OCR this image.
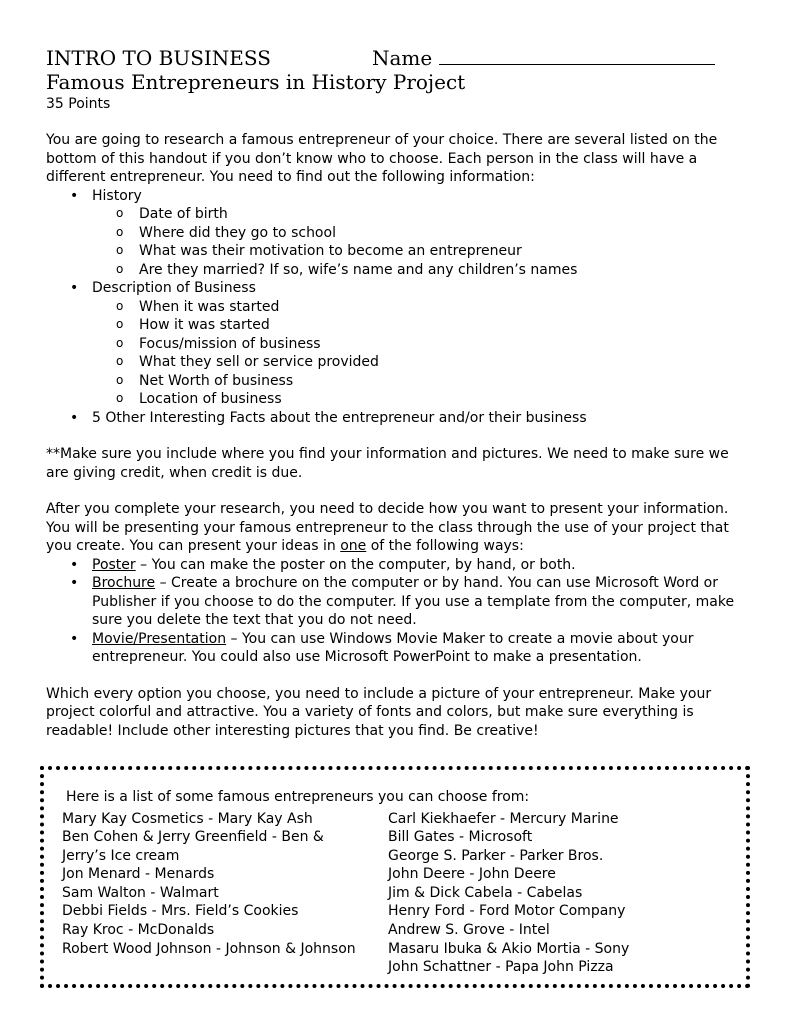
INTRO TO BUSINESS	Name
Famous Entrepreneurs in History Project
35 Points

You are going to research a famous entrepreneur of your choice. There are several listed on the bottom of this handout if you don’t know who to choose. Each person in the class will have a different entrepreneur. You need to find out the following information:

• History
o Date of birth
o Where did they go to school
o What was their motivation to become an entrepreneur
o Are they married? If so, wife’s name and any children’s names
• Description of Business
o When it was started
o How it was started
o Focus/mission of business
o What they sell or service provided
o Net Worth of business
o Location of business
• 5 Other Interesting Facts about the entrepreneur and/or their business

**Make sure you include where you find your information and pictures. We need to make sure we are giving credit, when credit is due.

After you complete your research, you need to decide how you want to present your information. You will be presenting your famous entrepreneur to the class through the use of your project that you create. You can present your ideas in one of the following ways:

• Poster – You can make the poster on the computer, by hand, or both.
• Brochure – Create a brochure on the computer or by hand. You can use Microsoft Word or Publisher if you choose to do the computer. If you use a template from the computer, make sure you delete the text that you do not need.
• Movie/Presentation – You can use Windows Movie Maker to create a movie about your entrepreneur. You could also use Microsoft PowerPoint to make a presentation.

Which every option you choose, you need to include a picture of your entrepreneur. Make your project colorful and attractive. You a variety of fonts and colors, but make sure everything is readable! Include other interesting pictures that you find. Be creative!

Here is a list of some famous entrepreneurs you can choose from:
Mary Kay Cosmetics - Mary Kay Ash
Ben Cohen & Jerry Greenfield - Ben &
Jerry’s Ice cream
Jon Menard - Menards
Sam Walton - Walmart
Debbi Fields - Mrs. Field’s Cookies
Ray Kroc - McDonalds
Robert Wood Johnson - Johnson & Johnson
Carl Kiekhaefer - Mercury Marine
Bill Gates - Microsoft
George S. Parker - Parker Bros.
John Deere - John Deere
Jim & Dick Cabela - Cabelas
Henry Ford - Ford Motor Company
Andrew S. Grove - Intel
Masaru Ibuka & Akio Mortia - Sony
John Schattner - Papa John Pizza
